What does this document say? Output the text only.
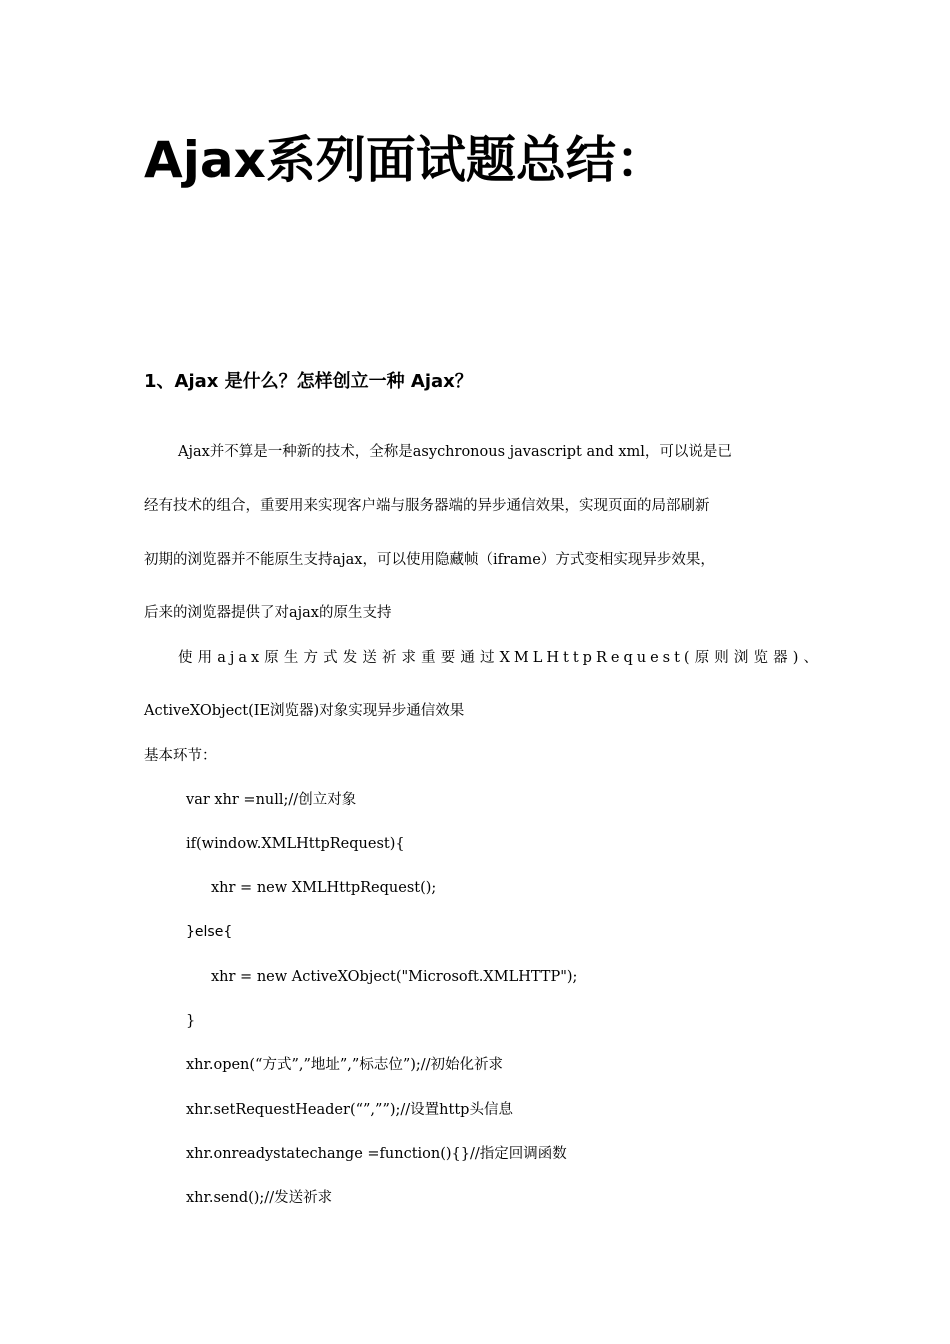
Ajax系列面试题总结：
1、Ajax 是什么？怎样创立一种 Ajax？

Ajax并不算是一种新的技术，全称是asychronous javascript and xml，可以说是已

经有技术的组合，重要用来实现客户端与服务器端的异步通信效果，实现页面的局部刷新

初期的浏览器并不能原生支持ajax，可以使用隐藏帧（iframe）方式变相实现异步效果，

后来的浏览器提供了对ajax的原生支持

使用ajax原生方式发送祈求重要通过XMLHttpRequest(原则浏览器)、

ActiveXObject(IE浏览器)对象实现异步通信效果

基本环节：

var xhr =null;//创立对象
if(window.XMLHttpRequest){
xhr = new XMLHttpRequest();
}else{
xhr = new ActiveXObject("Microsoft.XMLHTTP");
}
xhr.open(“方式”,”地址”,”标志位”);//初始化祈求
xhr.setRequestHeader(“”,””);//设置http头信息
xhr.onreadystatechange =function(){}//指定回调函数
xhr.send();//发送祈求
